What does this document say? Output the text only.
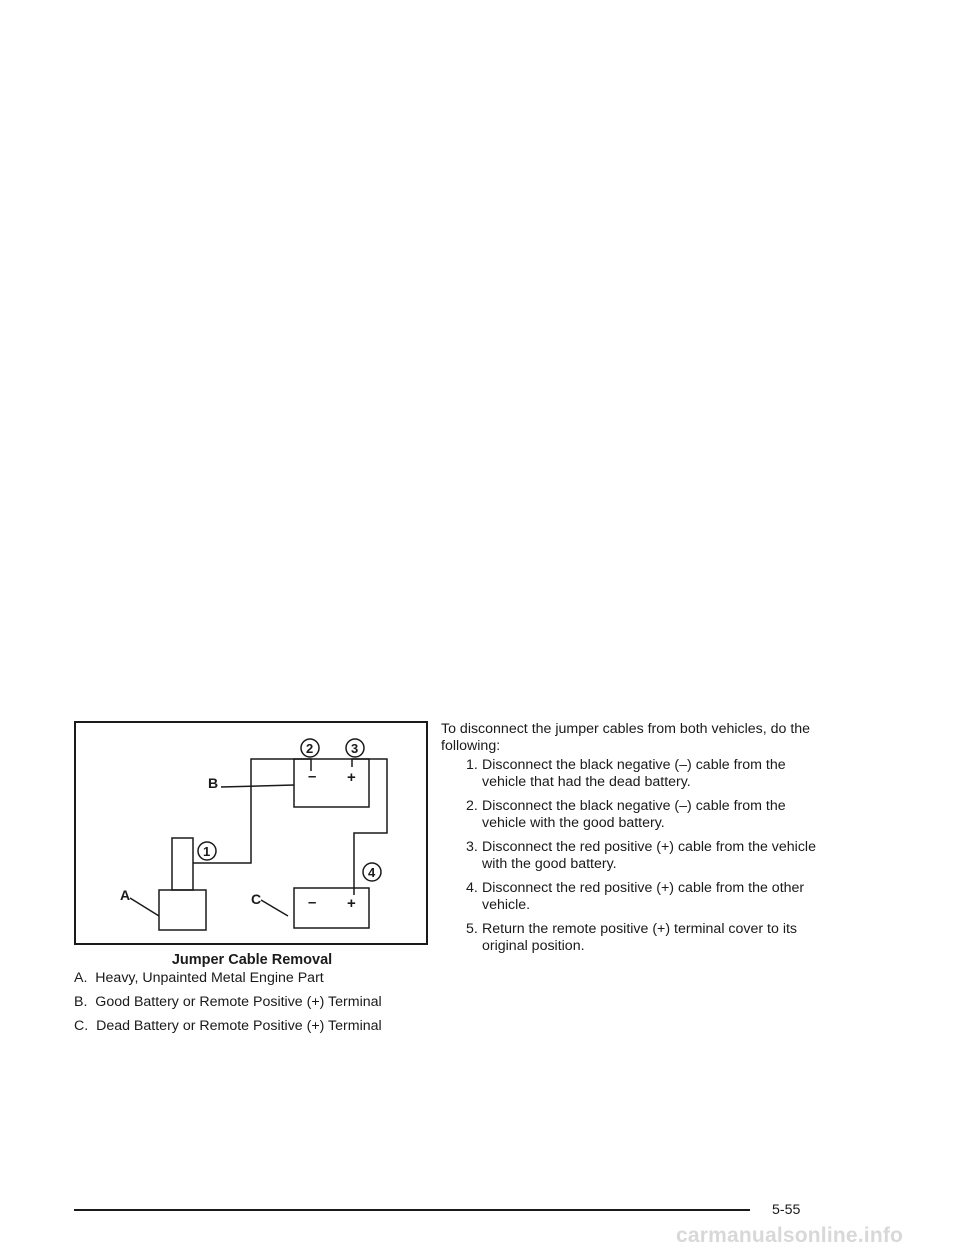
A
B
C
1
2	3
4
– +
– +
Jumper Cable Removal
A. Heavy, Unpainted Metal Engine Part
B. Good Battery or Remote Positive (+) Terminal
C. Dead Battery or Remote Positive (+) Terminal
To disconnect the jumper cables from both vehicles, do the following:
1. Disconnect the black negative (–) cable from the vehicle that had the dead battery.
2. Disconnect the black negative (–) cable from the vehicle with the good battery.
3. Disconnect the red positive (+) cable from the vehicle with the good battery.
4. Disconnect the red positive (+) cable from the other vehicle.
5. Return the remote positive (+) terminal cover to its original position.
5-55
carmanualsonline.info
